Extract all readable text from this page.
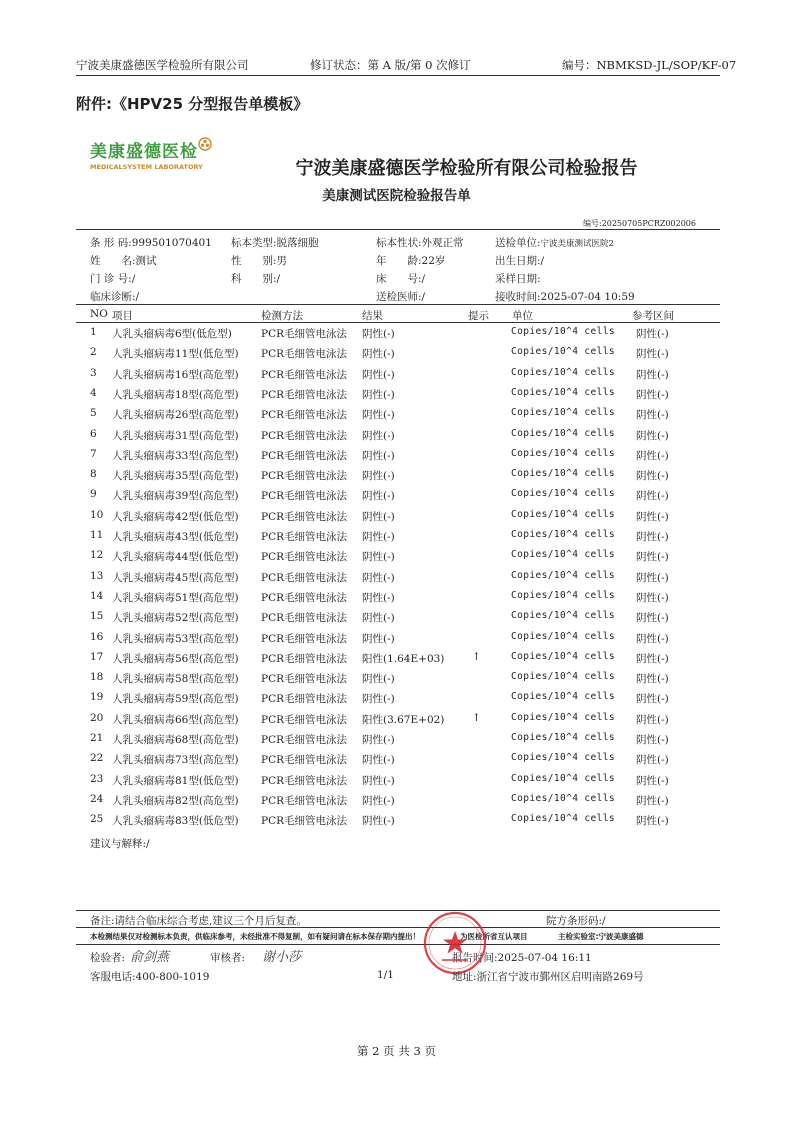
宁波美康盛德医学检验所有限公司	修订状态：第 A 版/第 0 次修订	编号：NBMKSD-JL/SOP/KF-07
附件:《HPV25 分型报告单模板》
美康盛德医检
MEDICALSYSTEM LABORATORY	宁波美康盛德医学检验所有限公司检验报告
美康测试医院检验报告单
编号:20250705PCRZ002006
条 形 码:999501070401 标本类型:脱落细胞	标本性状:外观正常	送检单位:宁波美康测试医院2
姓　　名:测试	性　　别:男	年　　龄:22岁	出生日期:/
门 诊 号:/	科　　别:/	床　　号:/	采样日期:
临床诊断:/	送检医师:/	接收时间:2025-07-04 10:59
NO 项目	检测方法	结果	提示 单位	参考区间
1 人乳头瘤病毒6型(低危型)	PCR毛细管电泳法 阴性(-)	Copies/10^4 cells 阴性(-)
2 人乳头瘤病毒11型(低危型) PCR毛细管电泳法 阴性(-)	Copies/10^4 cells 阴性(-)
3 人乳头瘤病毒16型(高危型) PCR毛细管电泳法 阴性(-)	Copies/10^4 cells 阴性(-)
4 人乳头瘤病毒18型(高危型) PCR毛细管电泳法 阴性(-)	Copies/10^4 cells 阴性(-)
5 人乳头瘤病毒26型(高危型) PCR毛细管电泳法 阴性(-)	Copies/10^4 cells 阴性(-)
6 人乳头瘤病毒31型(高危型) PCR毛细管电泳法 阴性(-)	Copies/10^4 cells 阴性(-)
7 人乳头瘤病毒33型(高危型) PCR毛细管电泳法 阴性(-)	Copies/10^4 cells 阴性(-)
8 人乳头瘤病毒35型(高危型) PCR毛细管电泳法 阴性(-)	Copies/10^4 cells 阴性(-)
9 人乳头瘤病毒39型(高危型) PCR毛细管电泳法 阴性(-)	Copies/10^4 cells 阴性(-)
10 人乳头瘤病毒42型(低危型) PCR毛细管电泳法 阴性(-)	Copies/10^4 cells 阴性(-)
11 人乳头瘤病毒43型(低危型) PCR毛细管电泳法 阴性(-)	Copies/10^4 cells 阴性(-)
12 人乳头瘤病毒44型(低危型) PCR毛细管电泳法 阴性(-)	Copies/10^4 cells 阴性(-)
13 人乳头瘤病毒45型(高危型) PCR毛细管电泳法 阴性(-)	Copies/10^4 cells 阴性(-)
14 人乳头瘤病毒51型(高危型) PCR毛细管电泳法 阴性(-)	Copies/10^4 cells 阴性(-)
15 人乳头瘤病毒52型(高危型) PCR毛细管电泳法 阴性(-)	Copies/10^4 cells 阴性(-)
16 人乳头瘤病毒53型(高危型) PCR毛细管电泳法 阴性(-)	Copies/10^4 cells 阴性(-)
17 人乳头瘤病毒56型(高危型) PCR毛细管电泳法 阳性(1.64E+03)	↑	Copies/10^4 cells 阴性(-)
18 人乳头瘤病毒58型(高危型) PCR毛细管电泳法 阴性(-)	Copies/10^4 cells 阴性(-)
19 人乳头瘤病毒59型(高危型) PCR毛细管电泳法 阴性(-)	Copies/10^4 cells 阴性(-)
20 人乳头瘤病毒66型(高危型) PCR毛细管电泳法 阳性(3.67E+02)	↑	Copies/10^4 cells 阴性(-)
21 人乳头瘤病毒68型(高危型) PCR毛细管电泳法 阴性(-)	Copies/10^4 cells 阴性(-)
22 人乳头瘤病毒73型(高危型) PCR毛细管电泳法 阴性(-)	Copies/10^4 cells 阴性(-)
23 人乳头瘤病毒81型(低危型) PCR毛细管电泳法 阴性(-)	Copies/10^4 cells 阴性(-)
24 人乳头瘤病毒82型(高危型) PCR毛细管电泳法 阴性(-)	Copies/10^4 cells 阴性(-)
25 人乳头瘤病毒83型(低危型) PCR毛细管电泳法 阴性(-)	Copies/10^4 cells 阴性(-)
建议与解释:/
备注:请结合临床综合考虑,建议三个月后复查。	院方条形码:/
本检测结果仅对检测标本负责，供临床参考，未经批准不得复制，如有疑问请在标本保存期内提出！	为医检所省互认项目	主检实验室:宁波美康盛德
检验者: 俞剑燕	审核者: 谢小莎	报告时间:2025-07-04 16:11
客服电话:400-800-1019	1/1	地址:浙江省宁波市鄞州区启明南路269号
第 2 页 共 3 页
